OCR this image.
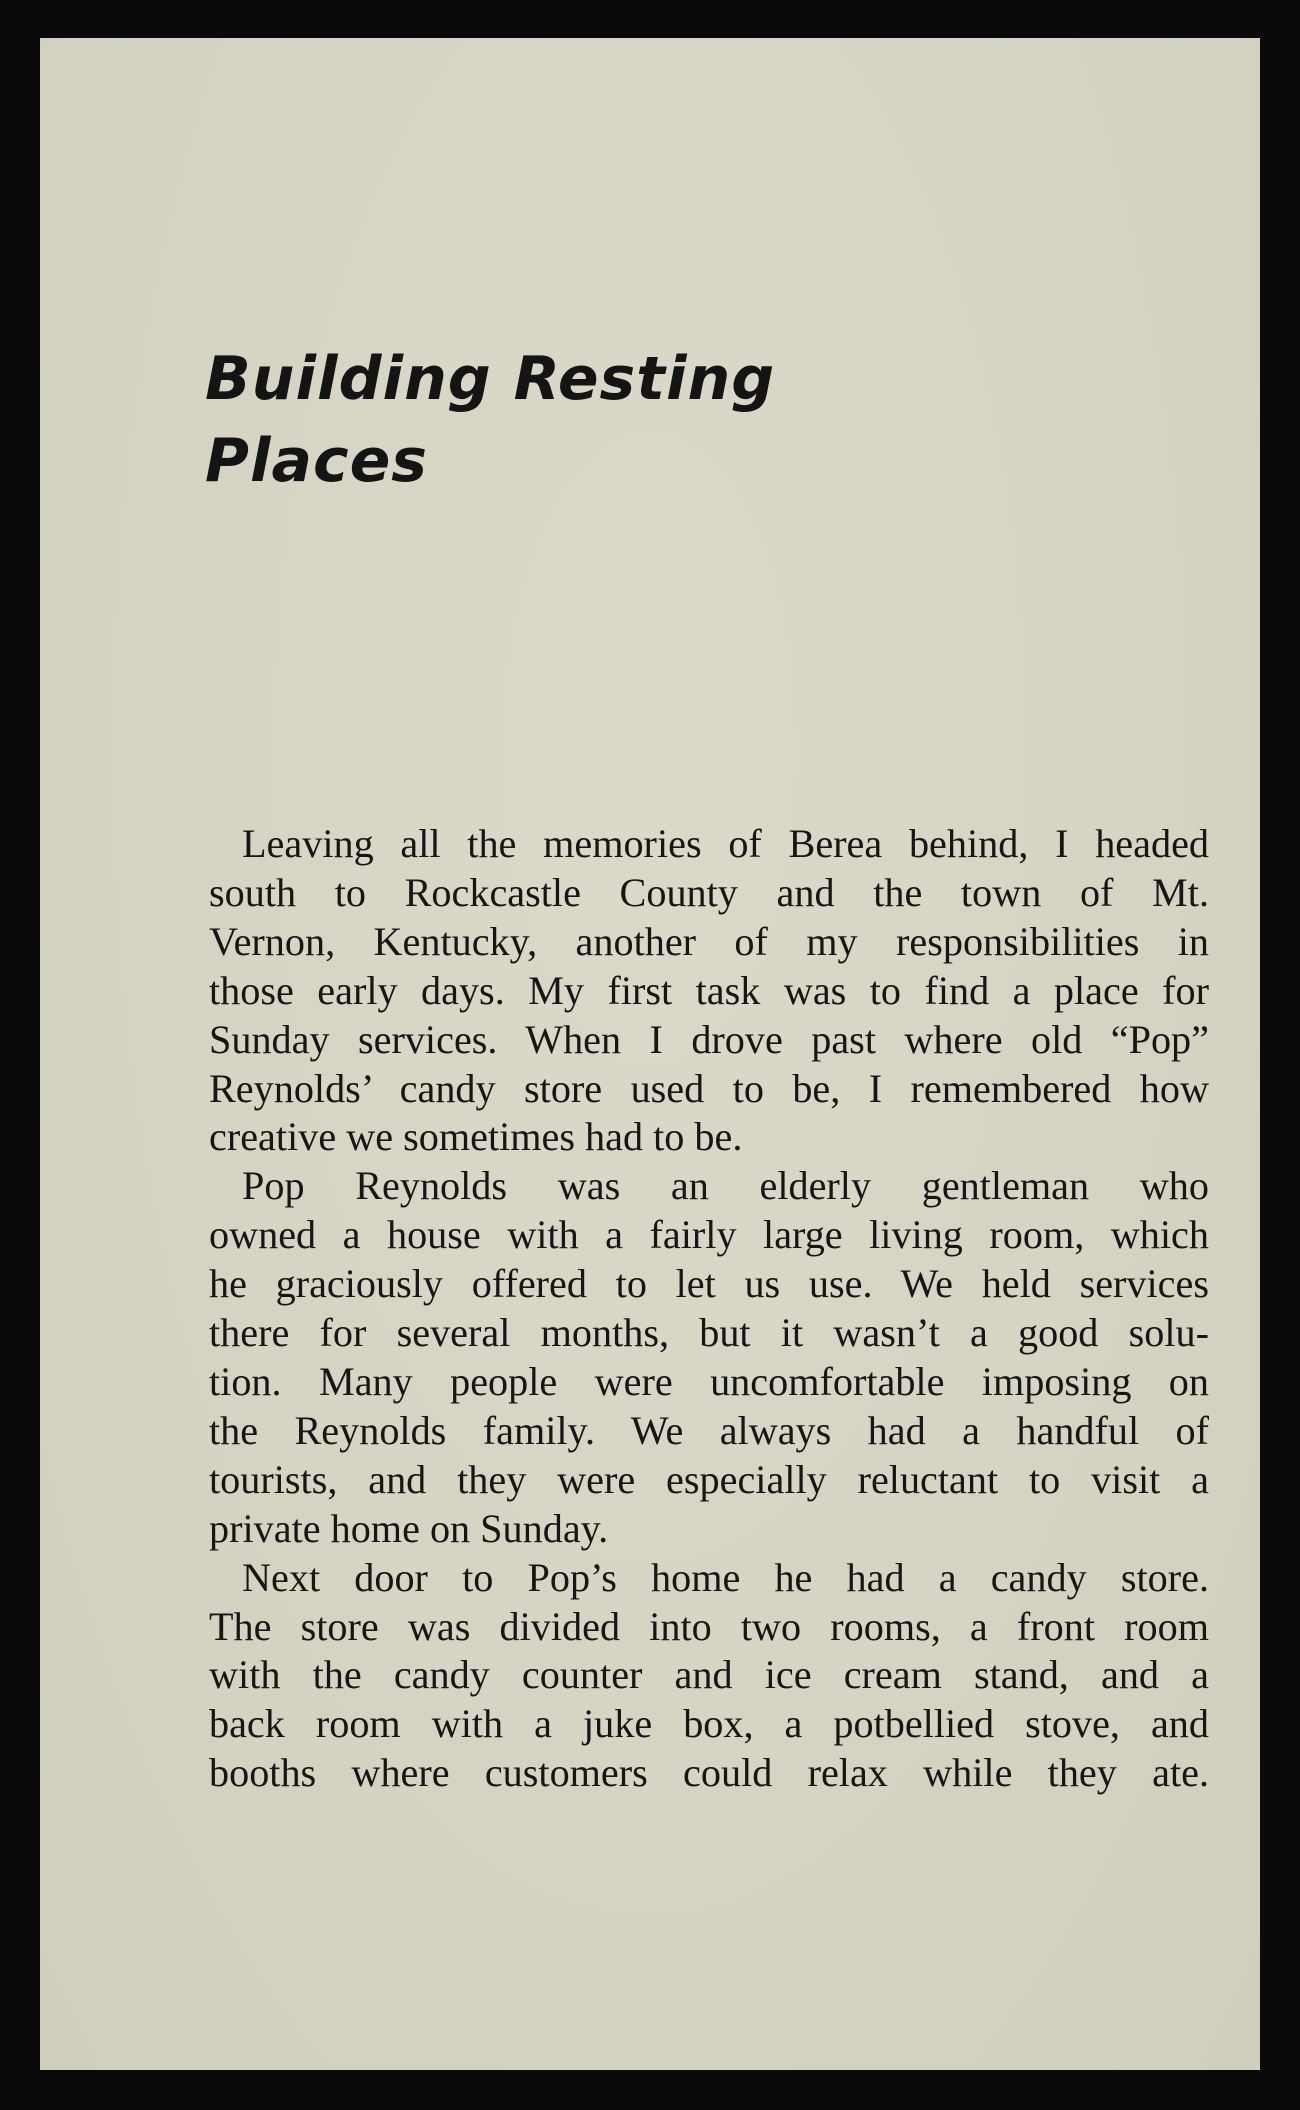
Building Resting
Places

Leaving all the memories of Berea behind, I headed
south to Rockcastle County and the town of Mt.
Vernon, Kentucky, another of my responsibilities in
those early days. My first task was to find a place for
Sunday services. When I drove past where old “Pop”
Reynolds’ candy store used to be, I remembered how
creative we sometimes had to be.

Pop Reynolds was an elderly gentleman who
owned a house with a fairly large living room, which
he graciously offered to let us use. We held services
there for several months, but it wasn’t a good solu-
tion. Many people were uncomfortable imposing on
the Reynolds family. We always had a handful of
tourists, and they were especially reluctant to visit a
private home on Sunday.

Next door to Pop’s home he had a candy store.
The store was divided into two rooms, a front room
with the candy counter and ice cream stand, and a
back room with a juke box, a potbellied stove, and
booths where customers could relax while they ate.
